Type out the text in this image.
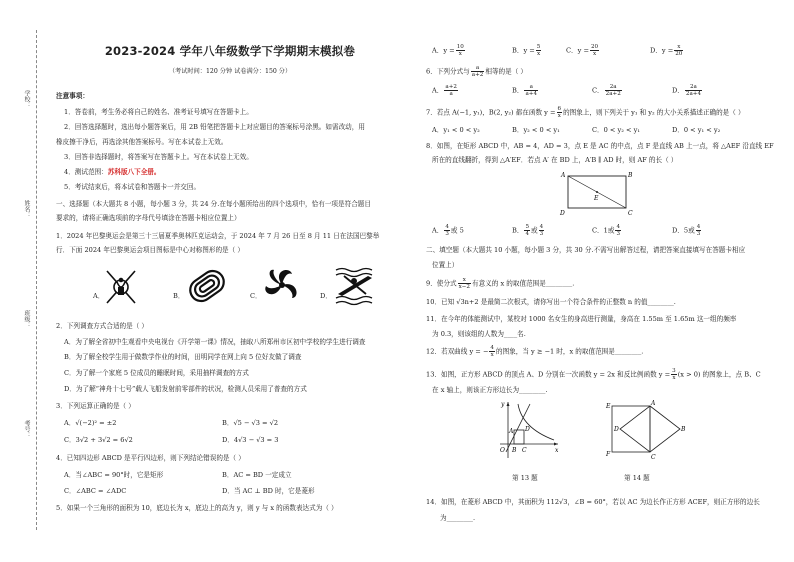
学校：
姓名：
班级：
考号：
2023-2024 学年八年级数学下学期期末模拟卷
（考试时间：120 分钟 试卷满分：150 分）
注意事项：
1．答卷前，考生务必将自己的姓名、准考证号填写在答题卡上。
2．回答选择题时，选出每小题答案后，用 2B 铅笔把答题卡上对应题目的答案标号涂黑。如需改动，用
橡皮擦干净后，再选涂其他答案标号。写在本试卷上无效。
3．回答非选择题时，将答案写在答题卡上。写在本试卷上无效。
4．测试范围：苏科版八下全册。
5．考试结束后，将本试卷和答题卡一并交回。
一、选择题（本大题共 8 小题，每小题 3 分，共 24 分.在每小题所给出的四个选项中，恰有一项是符合题目
要求的，请将正确选项前的字母代号填涂在答题卡相应位置上）
1．2024 年巴黎奥运会是第三十三届夏季奥林匹克运动会，于 2024 年 7 月 26 日至 8 月 11 日在法国巴黎举
行．下面 2024 年巴黎奥运会项目图标是中心对称图形的是（ ）
A．	B．	C．	D．
2．下列调查方式合适的是（ ）
A．为了解全省初中生观看中央电视台《开学第一课》情况，抽取八所郑州市区初中学校的学生进行调查
B．为了解全校学生用于做数学作业的时间，田明同学在网上向 5 位好友做了调查
C．为了解一个家庭 5 位成员的睡眠时间，采用抽样调查的方式
D．为了解“神舟十七号”载人飞船发射前零部件的状况，检测人员采用了普查的方式
3．下列运算正确的是（ ）
A．√(−2)² = ±2	B．√5 − √3 = √2
C．3√2 + 3√2 = 6√2	D．4√3 − √3 = 3
4．已知四边形 ABCD 是平行四边形，则下列结论错误的是（ ）
A．当∠ABC = 90°时，它是矩形	B．AC = BD 一定成立
C．∠ABC = ∠ADC	D．当 AC ⊥ BD 时，它是菱形
5．如果一个三角形的面积为 10，底边长为 x，底边上的高为 y，则 y 与 x 的函数表达式为（ ）
A．$y = \frac{10}{x}$	B．$y = \frac{5}{x}$	C．$y = \frac{20}{x}$	D．$y = \frac{x}{20}$
6．下列分式与 $\frac{a}{a+2}$ 相等的是（ ）
A． $\frac{a+2}{a}$	B． $\frac{a}{a+4}$	C． $\frac{2a}{2a+2}$	D． $\frac{2a}{2a+4}$
7．若点 A(−1, y₁)，B(2, y₂) 都在函数 $y = \frac{6}{x}$ 的图象上，则下列关于 y₁ 和 y₂ 的大小关系描述正确的是（ ）
A．y₁ < 0 < y₂	B．y₂ < 0 < y₁	C．0 < y₂ < y₁	D．0 < y₁ < y₂
8．如图，在矩形 ABCD 中，AB = 4，AD = 3，点 E 是 AC 的中点，点 F 是直线 AB 上一点，将 △AEF 沿直线 EF
所在的直线翻折，得到 △A′EF．若点 A′ 在 BD 上，A′B ∥ AD 时，则 AF 的长（ ）
A	B
C
D
E
A． $\frac{4}{3}$ 或 5	B． $\frac{5}{4}$ 或 $\frac{4}{3}$	C．1或 $\frac{4}{3}$	D．5或 $\frac{4}{3}$
二、填空题（本大题共 10 小题，每小题 3 分，共 30 分.不需写出解答过程，请把答案直接填写在答题卡相应
位置上）
9．使分式 $\frac{x}{x-2}$ 有意义的 x 的取值范围是________.
10．已知 √3n+2 是最简二次根式，请你写出一个符合条件的正整数 n 的值________.
11．在今年的体能测试中，某校对 1000 名女生的身高进行测量，身高在 1.55m 至 1.65m 这一组的频率
为 0.3，则该组的人数为____名.
12．若双曲线 y = − $\frac{4}{x}$ 的图象，当 y ≥ −1 时，x 的取值范围是________.
13．如图，正方形 ABCD 的顶点 A、D 分别在一次函数 y = 2x 和反比例函数 $y = \frac{3}{x} (x > 0)$ 的图象上，点 B、C
在 x 轴上，则该正方形边长为________.
y
O B C	x
A D
第 13 题
E	A
F
D	B
C
第 14 题
14．如图，在菱形 ABCD 中，其面积为 112√3，∠B = 60°，若以 AC 为边长作正方形 ACEF，则正方形的边长
为________.
